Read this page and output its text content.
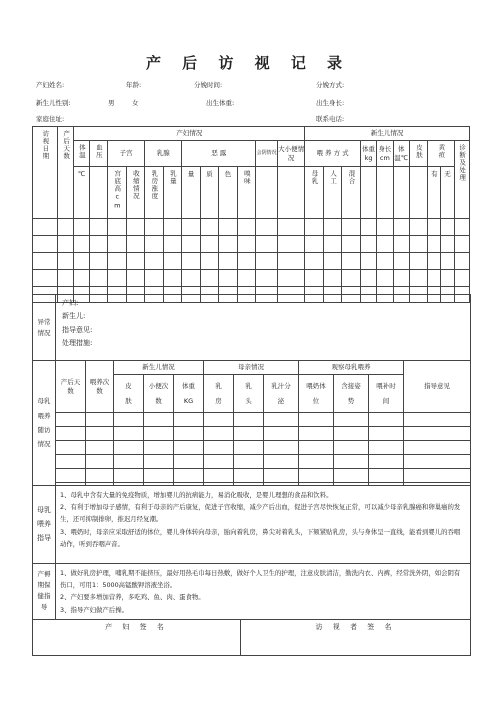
产 后 访 视 记 录
产妇姓名:	年龄:	分娩时间:	分娩方式:
新生儿性别:	男	女	出生体重:	出生身长:
家庭住址:	联系电话:
访视日期	产后天数	产妇情况												新生儿情况									
		体温	血压	子宫		乳腺		恶 露				会阴情况	大小便情况	喂 养 方 式			体重kg	身长cm	体温℃	皮肤	黄疸		诊断及处理
		℃		宫底高cm	收缩情况	乳房涨度	乳量	量	质	色	嗅味			母乳	人工	混合					有	无	

异常情况	
产妇:
新生儿:
指导意见:
处理措施:
母乳喂养随访情况	产后天数	喂养次数	新生儿情况			母亲情况			观察母乳喂养			指导意见
			皮肤	小便次数	体重KG	乳房	乳头	乳汁分泌	喂奶体位	含接姿势	喂补时间	

母乳喂养指导	1、母乳中含有大量的免疫物质，增加婴儿的抗病能力，易消化吸收，是婴儿理想的食品和饮料。
2、有利于增加母子感情，有利于母亲的产后康复，促进子宫收缩，减少产后出血，促进子宫尽快恢复正常，可以减少母亲乳腺癌和卵巢癌的发生，还可抑制排卵，推迟月经复潮。
3、喂奶时，母亲应采取舒适的体位，婴儿身体转向母亲，胎向着乳房，鼻尖对着乳头，下颏紧贴乳房，头与身体呈一直线，能看到婴儿的吞咽动作，听到吞咽声音。	

产褥期保健指导	1、做好乳房护理，哺乳期不能挤压，最好用热毛巾每日热敷，做好个人卫生的护理，注意皮肤清洁，勤洗内衣、内裤，经常洗外阴，如会阴有伤口，可用1：5000高锰酸钾溶液坐浴。
2、产妇要多增加营养，多吃鸡、鱼、肉、蛋食物。
3、指导产妇做产后操。	

产 妇 签 名		访 视 者 签 名
